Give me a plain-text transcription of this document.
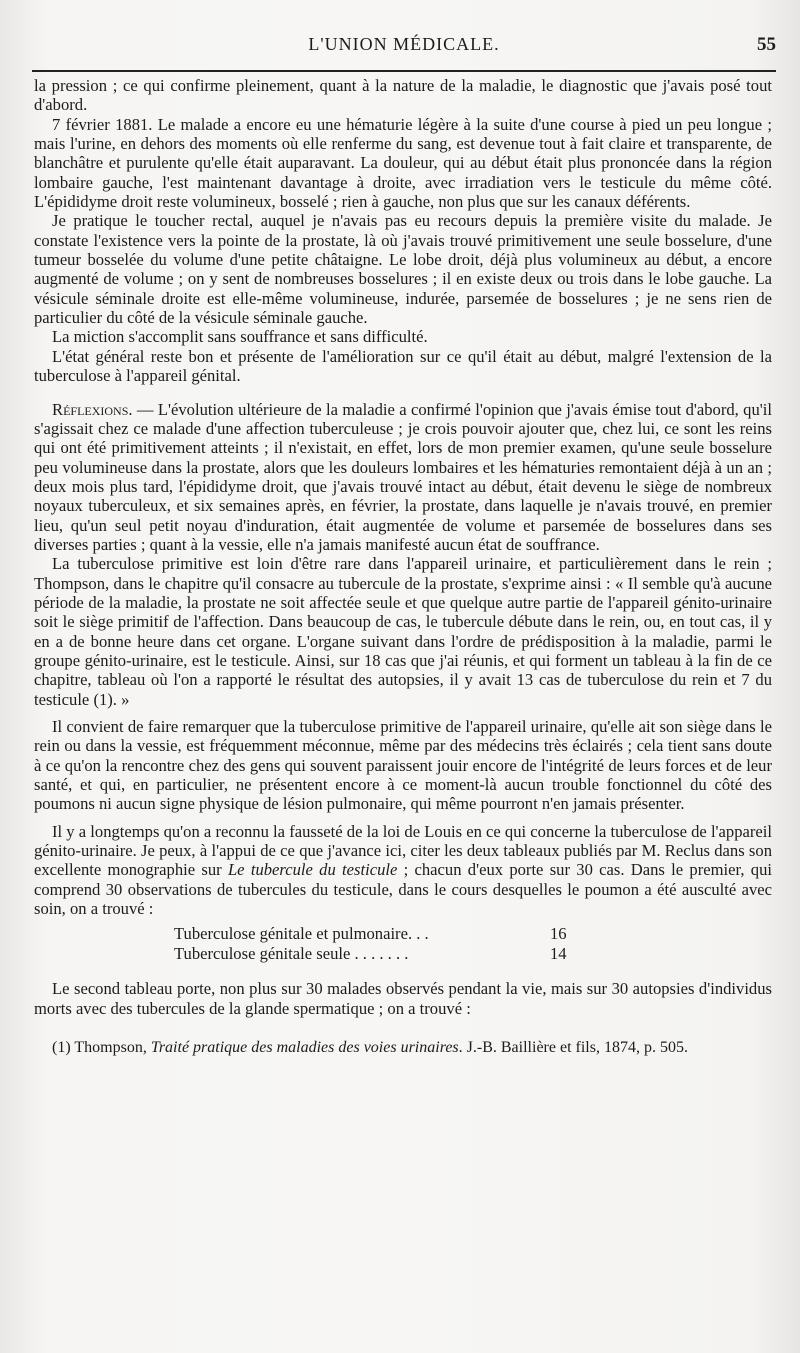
L'UNION MÉDICALE.	55

la pression ; ce qui confirme pleinement, quant à la nature de la maladie, le diagnostic que j'avais posé tout d'abord.

7 février 1881. Le malade a encore eu une hématurie légère à la suite d'une course à pied un peu longue ; mais l'urine, en dehors des moments où elle renferme du sang, est devenue tout à fait claire et transparente, de blanchâtre et purulente qu'elle était auparavant. La douleur, qui au début était plus prononcée dans la région lombaire gauche, l'est maintenant davantage à droite, avec irradiation vers le testicule du même côté. L'épididyme droit reste volumineux, bosselé ; rien à gauche, non plus que sur les canaux déférents.

Je pratique le toucher rectal, auquel je n'avais pas eu recours depuis la première visite du malade. Je constate l'existence vers la pointe de la prostate, là où j'avais trouvé primitivement une seule bosselure, d'une tumeur bosselée du volume d'une petite châtaigne. Le lobe droit, déjà plus volumineux au début, a encore augmenté de volume ; on y sent de nombreuses bosselures ; il en existe deux ou trois dans le lobe gauche. La vésicule séminale droite est elle-même volumineuse, indurée, parsemée de bosselures ; je ne sens rien de particulier du côté de la vésicule séminale gauche.

La miction s'accomplit sans souffrance et sans difficulté.

L'état général reste bon et présente de l'amélioration sur ce qu'il était au début, malgré l'extension de la tuberculose à l'appareil génital.

Réflexions. — L'évolution ultérieure de la maladie a confirmé l'opinion que j'avais émise tout d'abord, qu'il s'agissait chez ce malade d'une affection tuberculeuse ; je crois pouvoir ajouter que, chez lui, ce sont les reins qui ont été primitivement atteints ; il n'existait, en effet, lors de mon premier examen, qu'une seule bosselure peu volumineuse dans la prostate, alors que les douleurs lombaires et les hématuries remontaient déjà à un an ; deux mois plus tard, l'épididyme droit, que j'avais trouvé intact au début, était devenu le siège de nombreux noyaux tuberculeux, et six semaines après, en février, la prostate, dans laquelle je n'avais trouvé, en premier lieu, qu'un seul petit noyau d'induration, était augmentée de volume et parsemée de bosselures dans ses diverses parties ; quant à la vessie, elle n'a jamais manifesté aucun état de souffrance.

La tuberculose primitive est loin d'être rare dans l'appareil urinaire, et particulièrement dans le rein ; Thompson, dans le chapitre qu'il consacre au tubercule de la prostate, s'exprime ainsi : « Il semble qu'à aucune période de la maladie, la prostate ne soit affectée seule et que quelque autre partie de l'appareil génito-urinaire soit le siège primitif de l'affection. Dans beaucoup de cas, le tubercule débute dans le rein, ou, en tout cas, il y en a de bonne heure dans cet organe. L'organe suivant dans l'ordre de prédisposition à la maladie, parmi le groupe génito-urinaire, est le testicule. Ainsi, sur 18 cas que j'ai réunis, et qui forment un tableau à la fin de ce chapitre, tableau où l'on a rapporté le résultat des autopsies, il y avait 13 cas de tuberculose du rein et 7 du testicule (1). »

Il convient de faire remarquer que la tuberculose primitive de l'appareil urinaire, qu'elle ait son siège dans le rein ou dans la vessie, est fréquemment méconnue, même par des médecins très éclairés ; cela tient sans doute à ce qu'on la rencontre chez des gens qui souvent paraissent jouir encore de l'intégrité de leurs forces et de leur santé, et qui, en particulier, ne présentent encore à ce moment-là aucun trouble fonctionnel du côté des poumons ni aucun signe physique de lésion pulmonaire, qui même pourront n'en jamais présenter.

Il y a longtemps qu'on a reconnu la fausseté de la loi de Louis en ce qui concerne la tuberculose de l'appareil génito-urinaire. Je peux, à l'appui de ce que j'avance ici, citer les deux tableaux publiés par M. Reclus dans son excellente monographie sur Le tubercule du testicule ; chacun d'eux porte sur 30 cas. Dans le premier, qui comprend 30 observations de tubercules du testicule, dans le cours desquelles le poumon a été ausculté avec soin, on a trouvé :

Tuberculose génitale et pulmonaire. . .	16
Tuberculose génitale seule . . . . . . .	14

Le second tableau porte, non plus sur 30 malades observés pendant la vie, mais sur 30 autopsies d'individus morts avec des tubercules de la glande spermatique ; on a trouvé :

(1) Thompson, Traité pratique des maladies des voies urinaires. J.-B. Baillière et fils, 1874, p. 505.
